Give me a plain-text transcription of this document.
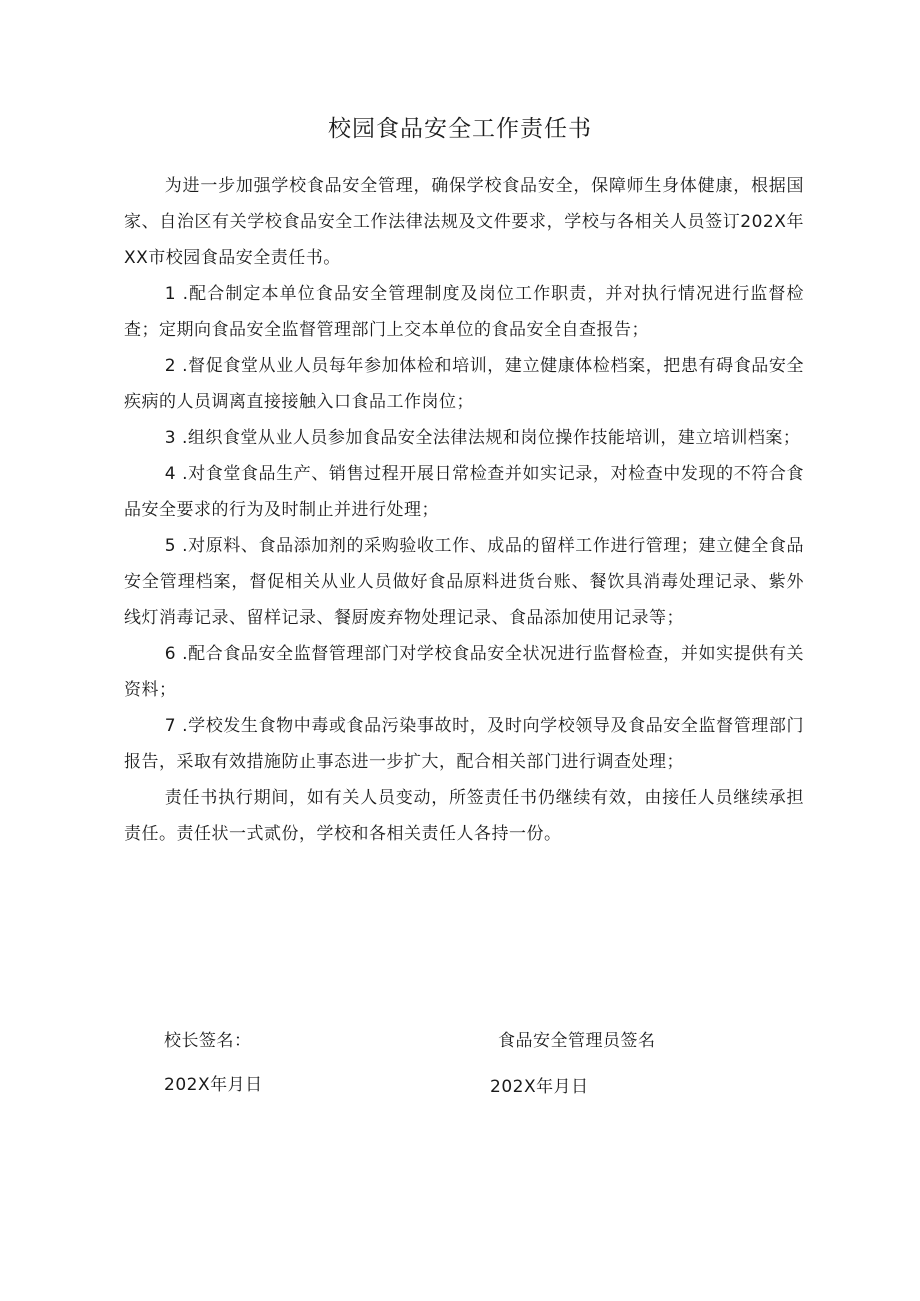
校园食品安全工作责任书

为进一步加强学校食品安全管理，确保学校食品安全，保障师生身体健康，根据国家、自治区有关学校食品安全工作法律法规及文件要求，学校与各相关人员签订202X年XX市校园食品安全责任书。

1 .配合制定本单位食品安全管理制度及岗位工作职责，并对执行情况进行监督检查；定期向食品安全监督管理部门上交本单位的食品安全自查报告；

2 .督促食堂从业人员每年参加体检和培训，建立健康体检档案，把患有碍食品安全疾病的人员调离直接接触入口食品工作岗位；

3 .组织食堂从业人员参加食品安全法律法规和岗位操作技能培训，建立培训档案；

4 .对食堂食品生产、销售过程开展日常检查并如实记录，对检查中发现的不符合食品安全要求的行为及时制止并进行处理；

5 .对原料、食品添加剂的采购验收工作、成品的留样工作进行管理；建立健全食品安全管理档案，督促相关从业人员做好食品原料进货台账、餐饮具消毒处理记录、紫外线灯消毒记录、留样记录、餐厨废弃物处理记录、食品添加使用记录等；

6 .配合食品安全监督管理部门对学校食品安全状况进行监督检查，并如实提供有关资料；

7 .学校发生食物中毒或食品污染事故时，及时向学校领导及食品安全监督管理部门报告，采取有效措施防止事态进一步扩大，配合相关部门进行调查处理；

责任书执行期间，如有关人员变动，所签责任书仍继续有效，由接任人员继续承担责任。责任状一式贰份，学校和各相关责任人各持一份。

校长签名：	食品安全管理员签名
202X年月日	202X年月日
